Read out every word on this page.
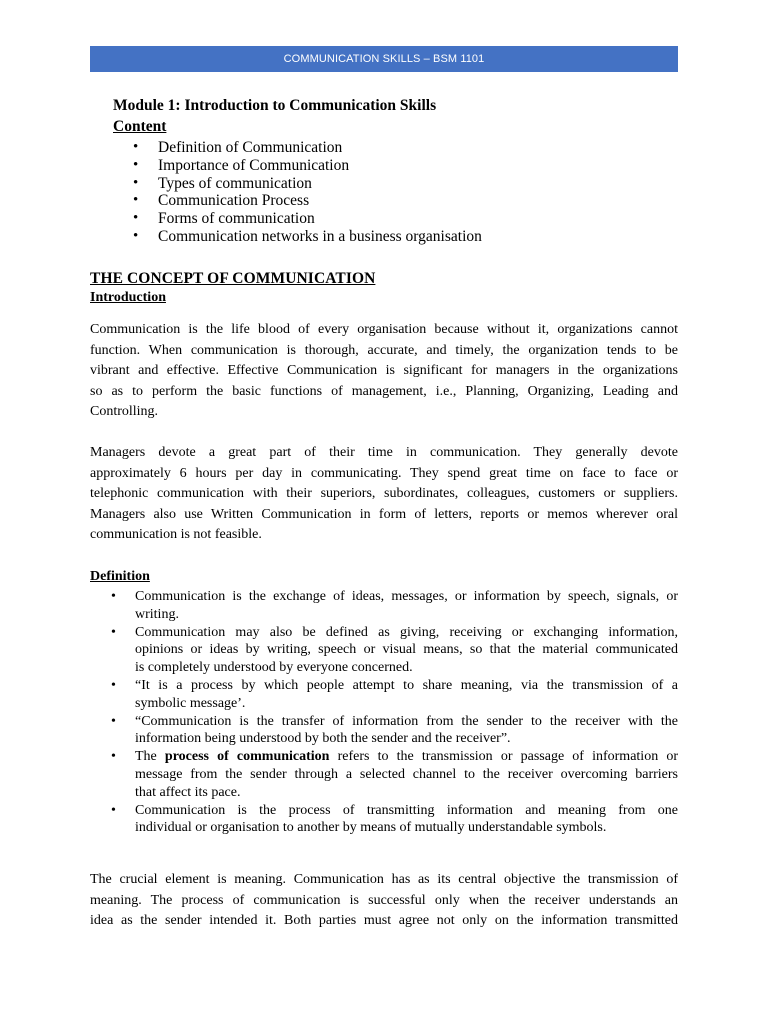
COMMUNICATION SKILLS – BSM 1101
Module 1: Introduction to Communication Skills
Content
• Definition of Communication
• Importance of Communication
• Types of communication
• Communication Process
• Forms of communication
• Communication networks in a business organisation
THE CONCEPT OF COMMUNICATION
Introduction
Communication is the life blood of every organisation because without it, organizations cannot
function. When communication is thorough, accurate, and timely, the organization tends to be
vibrant and effective. Effective Communication is significant for managers in the organizations
so as to perform the basic functions of management, i.e., Planning, Organizing, Leading and
Controlling.
Managers devote a great part of their time in communication. They generally devote
approximately 6 hours per day in communicating. They spend great time on face to face or
telephonic communication with their superiors, subordinates, colleagues, customers or suppliers.
Managers also use Written Communication in form of letters, reports or memos wherever oral
communication is not feasible.
Definition
• Communication is the exchange of ideas, messages, or information by speech, signals, or
writing.
• Communication may also be defined as giving, receiving or exchanging information,
opinions or ideas by writing, speech or visual means, so that the material communicated
is completely understood by everyone concerned.
• “It is a process by which people attempt to share meaning, via the transmission of a
symbolic message’.
• “Communication is the transfer of information from the sender to the receiver with the
information being understood by both the sender and the receiver”.
• The process of communication refers to the transmission or passage of information or
message from the sender through a selected channel to the receiver overcoming barriers
that affect its pace.
• Communication is the process of transmitting information and meaning from one
individual or organisation to another by means of mutually understandable symbols.
The crucial element is meaning. Communication has as its central objective the transmission of
meaning. The process of communication is successful only when the receiver understands an
idea as the sender intended it. Both parties must agree not only on the information transmitted
